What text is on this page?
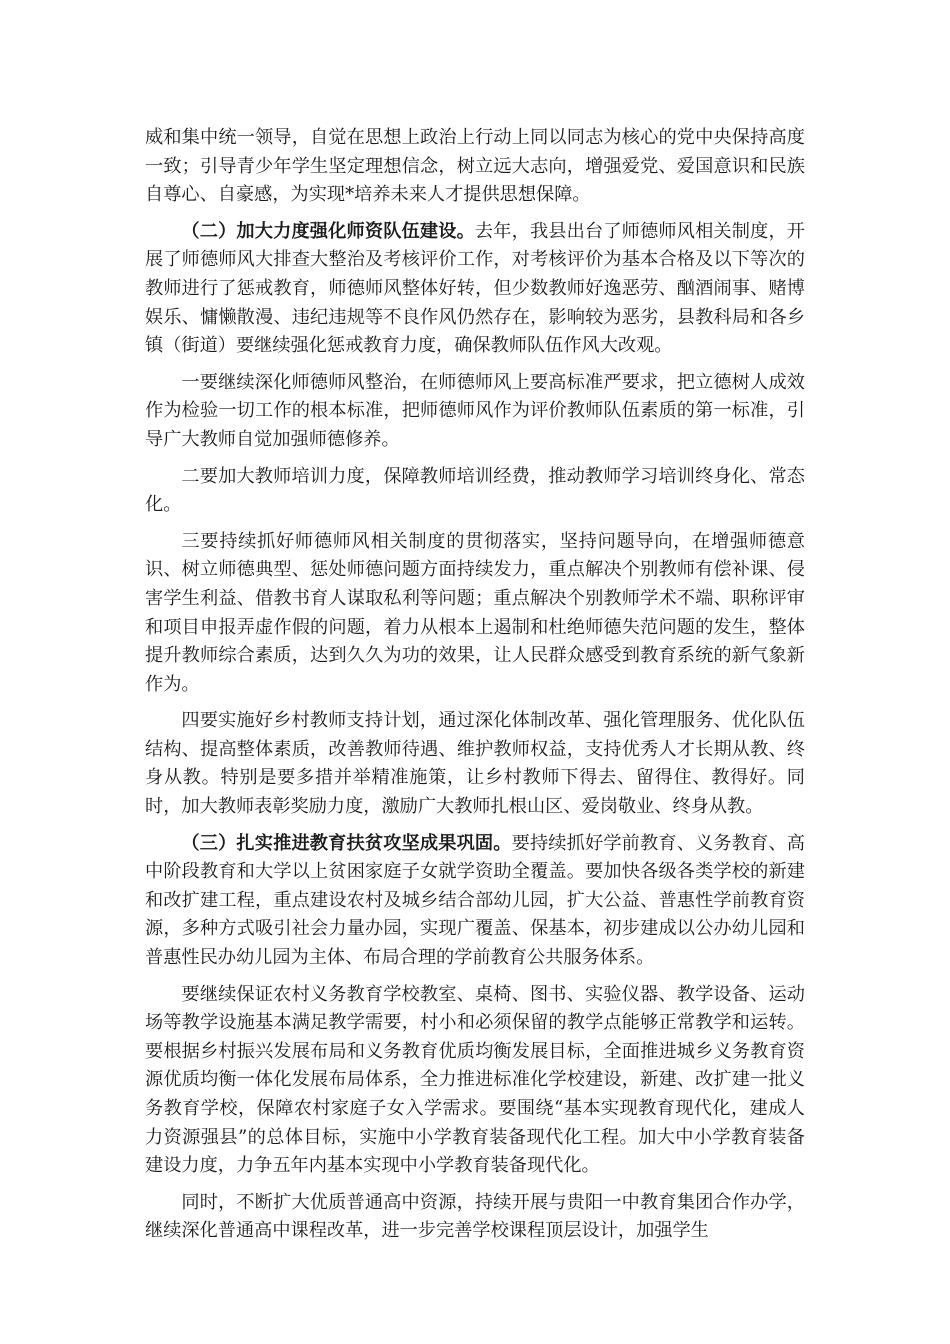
威和集中统一领导，自觉在思想上政治上行动上同以同志为核心的党中央保持高度一致；引导青少年学生坚定理想信念，树立远大志向，增强爱党、爱国意识和民族自尊心、自豪感，为实现*培养未来人才提供思想保障。

（二）加大力度强化师资队伍建设。去年，我县出台了师德师风相关制度，开展了师德师风大排查大整治及考核评价工作，对考核评价为基本合格及以下等次的教师进行了惩戒教育，师德师风整体好转，但少数教师好逸恶劳、酗酒闹事、赌博娱乐、慵懒散漫、违纪违规等不良作风仍然存在，影响较为恶劣，县教科局和各乡镇（街道）要继续强化惩戒教育力度，确保教师队伍作风大改观。

一要继续深化师德师风整治，在师德师风上要高标准严要求，把立德树人成效作为检验一切工作的根本标准，把师德师风作为评价教师队伍素质的第一标准，引导广大教师自觉加强师德修养。

二要加大教师培训力度，保障教师培训经费，推动教师学习培训终身化、常态化。

三要持续抓好师德师风相关制度的贯彻落实，坚持问题导向，在增强师德意识、树立师德典型、惩处师德问题方面持续发力，重点解决个别教师有偿补课、侵害学生利益、借教书育人谋取私利等问题；重点解决个别教师学术不端、职称评审和项目申报弄虚作假的问题，着力从根本上遏制和杜绝师德失范问题的发生，整体提升教师综合素质，达到久久为功的效果，让人民群众感受到教育系统的新气象新作为。

四要实施好乡村教师支持计划，通过深化体制改革、强化管理服务、优化队伍结构、提高整体素质，改善教师待遇、维护教师权益，支持优秀人才长期从教、终身从教。特别是要多措并举精准施策，让乡村教师下得去、留得住、教得好。同时，加大教师表彰奖励力度，激励广大教师扎根山区、爱岗敬业、终身从教。

（三）扎实推进教育扶贫攻坚成果巩固。要持续抓好学前教育、义务教育、高中阶段教育和大学以上贫困家庭子女就学资助全覆盖。要加快各级各类学校的新建和改扩建工程，重点建设农村及城乡结合部幼儿园，扩大公益、普惠性学前教育资源，多种方式吸引社会力量办园，实现广覆盖、保基本，初步建成以公办幼儿园和普惠性民办幼儿园为主体、布局合理的学前教育公共服务体系。

要继续保证农村义务教育学校教室、桌椅、图书、实验仪器、教学设备、运动场等教学设施基本满足教学需要，村小和必须保留的教学点能够正常教学和运转。要根据乡村振兴发展布局和义务教育优质均衡发展目标，全面推进城乡义务教育资源优质均衡一体化发展布局体系，全力推进标准化学校建设，新建、改扩建一批义务教育学校，保障农村家庭子女入学需求。要围绕“基本实现教育现代化，建成人力资源强县”的总体目标，实施中小学教育装备现代化工程。加大中小学教育装备建设力度，力争五年内基本实现中小学教育装备现代化。

同时，不断扩大优质普通高中资源，持续开展与贵阳一中教育集团合作办学，继续深化普通高中课程改革，进一步完善学校课程顶层设计，加强学生
